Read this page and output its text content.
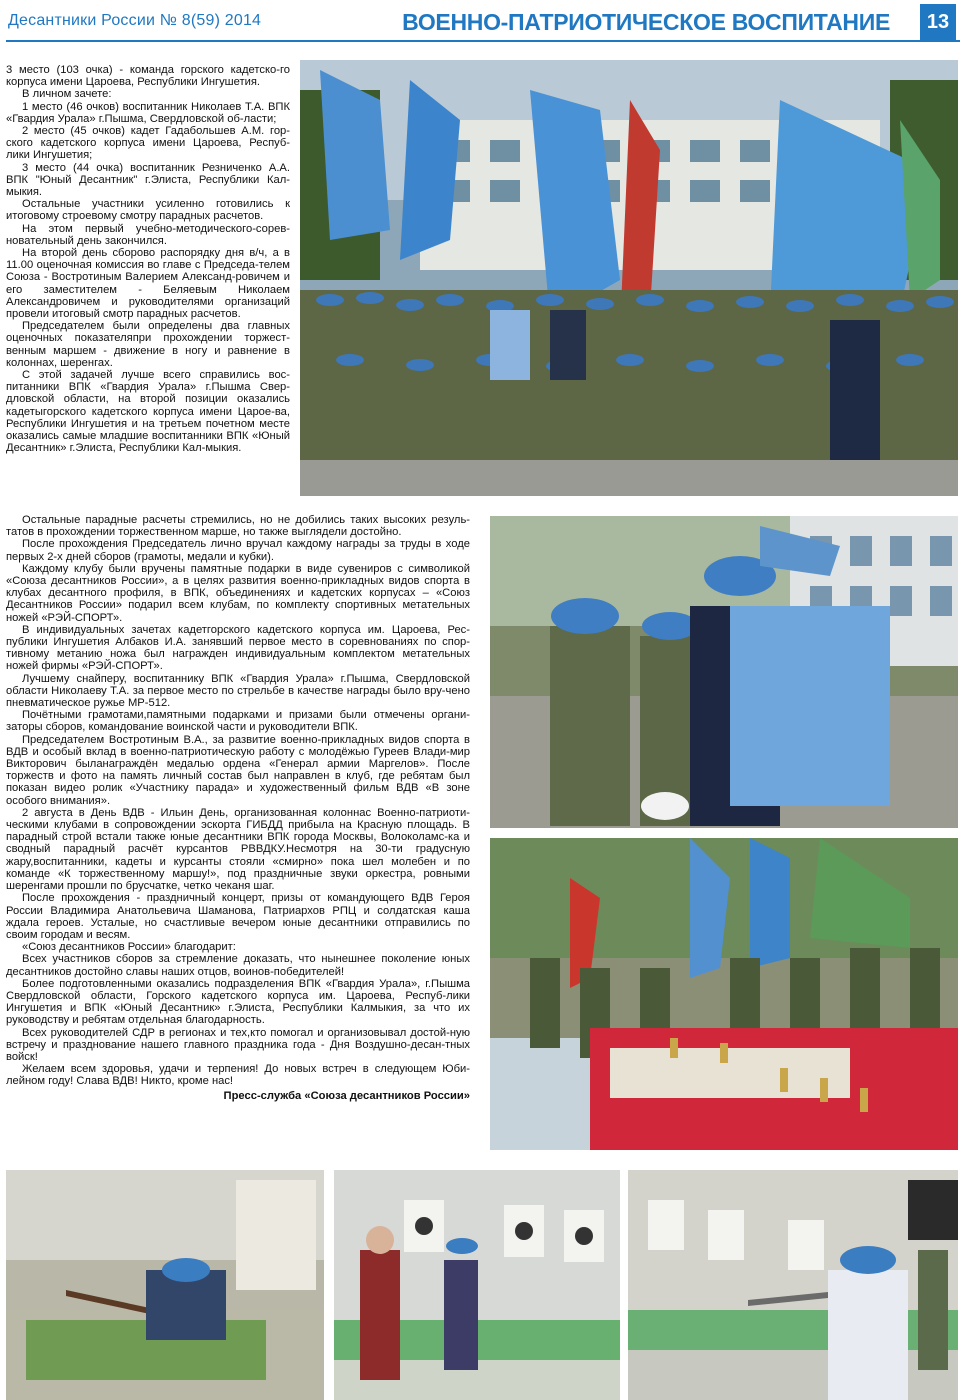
Десантники России № 8(59) 2014	ВОЕННО-ПАТРИОТИЧЕСКОЕ ВОСПИТАНИЕ	13

3 место (103 очка) - команда горского кадетско-го корпуса имени Цароева, Республики Ингушетия.

В личном зачете:

1 место (46 очков) воспитанник Николаев Т.А. ВПК «Гвардия Урала» г.Пышма, Свердловской об-ласти;

2 место (45 очков) кадет Гадабольшев А.М. гор-ского кадетского корпуса имени Цароева, Респуб-лики Ингушетия;

3 место (44 очка) воспитанник Резниченко А.А. ВПК "Юный Десантник" г.Элиста, Республики Кал-мыкия.

Остальные участники усиленно готовились к итоговому строевому смотру парадных расчетов.

На этом первый учебно-методического-сорев-новательный день закончился.

На второй день сборово распорядку дня в/ч, а в 11.00 оценочная комиссия во главе с Председа-телем Союза - Востротиным Валерием Александ-ровичем и его заместителем - Беляевым Николаем Александровичем и руководителями организаций провели итоговый смотр парадных расчетов.

Председателем были определены два главных оценочных показателяпри прохождении торжест-венным маршем - движение в ногу и равнение в колоннах, шеренгах.

С этой задачей лучше всего справились вос-питанники ВПК «Гвардия Урала» г.Пышма Свер-дловской области, на второй позиции оказались кадетыгорского кадетского корпуса имени Царое-ва, Республики Ингушетия и на третьем почетном месте оказались самые младшие воспитанники ВПК «Юный Десантник» г.Элиста, Республики Кал-мыкия.

Остальные парадные расчеты стремились, но не добились таких высоких резуль-татов в прохождении торжественном марше, но также выглядели достойно.

После прохождения Председатель лично вручал каждому награды за труды в ходе первых 2-х дней сборов (грамоты, медали и кубки).

Каждому клубу были вручены памятные подарки в виде сувениров с символикой «Союза десантников России», а в целях развития военно-прикладных видов спорта в клубах десантного профиля, в ВПК, объединениях и кадетских корпусах – «Союз Десантников России» подарил всем клубам, по комплекту спортивных метательных ножей «РЭЙ-СПОРТ».

В индивидуальных зачетах кадетгорского кадетского корпуса им. Цароева, Рес-публики Ингушетия Албаков И.А. занявший первое место в соревнованиях по спор-тивному метанию ножа был награжден индивидуальным комплектом метательных ножей фирмы «РЭЙ-СПОРТ».

Лучшему снайперу, воспитаннику ВПК «Гвардия Урала» г.Пышма, Свердловской области Николаеву Т.А. за первое место по стрельбе в качестве награды было вру-чено пневматическое ружье МР-512.

Почётными грамотами,памятными подарками и призами были отмечены органи-заторы сборов, командование воинской части и руководители ВПК.

Председателем Востротиным В.А., за развитие военно-прикладных видов спорта в ВДВ и особый вклад в военно-патриотическую работу с молодёжью Гуреев Влади-мир Викторович быланаграждён медалью ордена «Генерал армии Маргелов». После торжеств и фото на память личный состав был направлен в клуб, где ребятам был показан видео ролик «Участнику парада» и художественный фильм ВДВ «В зоне особого внимания».

2 августа в День ВДВ - Ильин День, организованная колоннас Военно-патриоти-ческими клубами в сопровождении эскорта ГИБДД прибыла на Красную площадь. В парадный строй встали также юные десантники ВПК города Москвы, Волоколамс-ка и сводный парадный расчёт курсантов РВВДКУ.Несмотря на 30-ти градусную жару,воспитанники, кадеты и курсанты стояли «смирно» пока шел молебен и по команде «К торжественному маршу!», под праздничные звуки оркестра, ровными шеренгами прошли по брусчатке, четко чеканя шаг.

После прохождения - праздничный концерт, призы от командующего ВДВ Героя России Владимира Анатольевича Шаманова, Патриархов РПЦ и солдатская каша ждала героев. Усталые, но счастливые вечером юные десантники отправились по своим городам и весям.

«Союз десантников России» благодарит:

Всех участников сборов за стремление доказать, что нынешнее поколение юных десантников достойно славы наших отцов, воинов-победителей!

Более подготовленными оказались подразделения ВПК «Гвардия Урала», г.Пышма Свердловской области, Горского кадетского корпуса им. Цароева, Респуб-лики Ингушетия и ВПК «Юный Десантник» г.Элиста, Республики Калмыкия, за что их руководству и ребятам отдельная благодарность.

Всех руководителей СДР в регионах и тех,кто помогал и организовывал достой-ную встречу и празднование нашего главного праздника года - Дня Воздушно-десан-тных войск!

Желаем всем здоровья, удачи и терпения! До новых встреч в следующем Юби-лейном году! Слава ВДВ! Никто, кроме нас!

Пресс-служба «Союза десантников России»
